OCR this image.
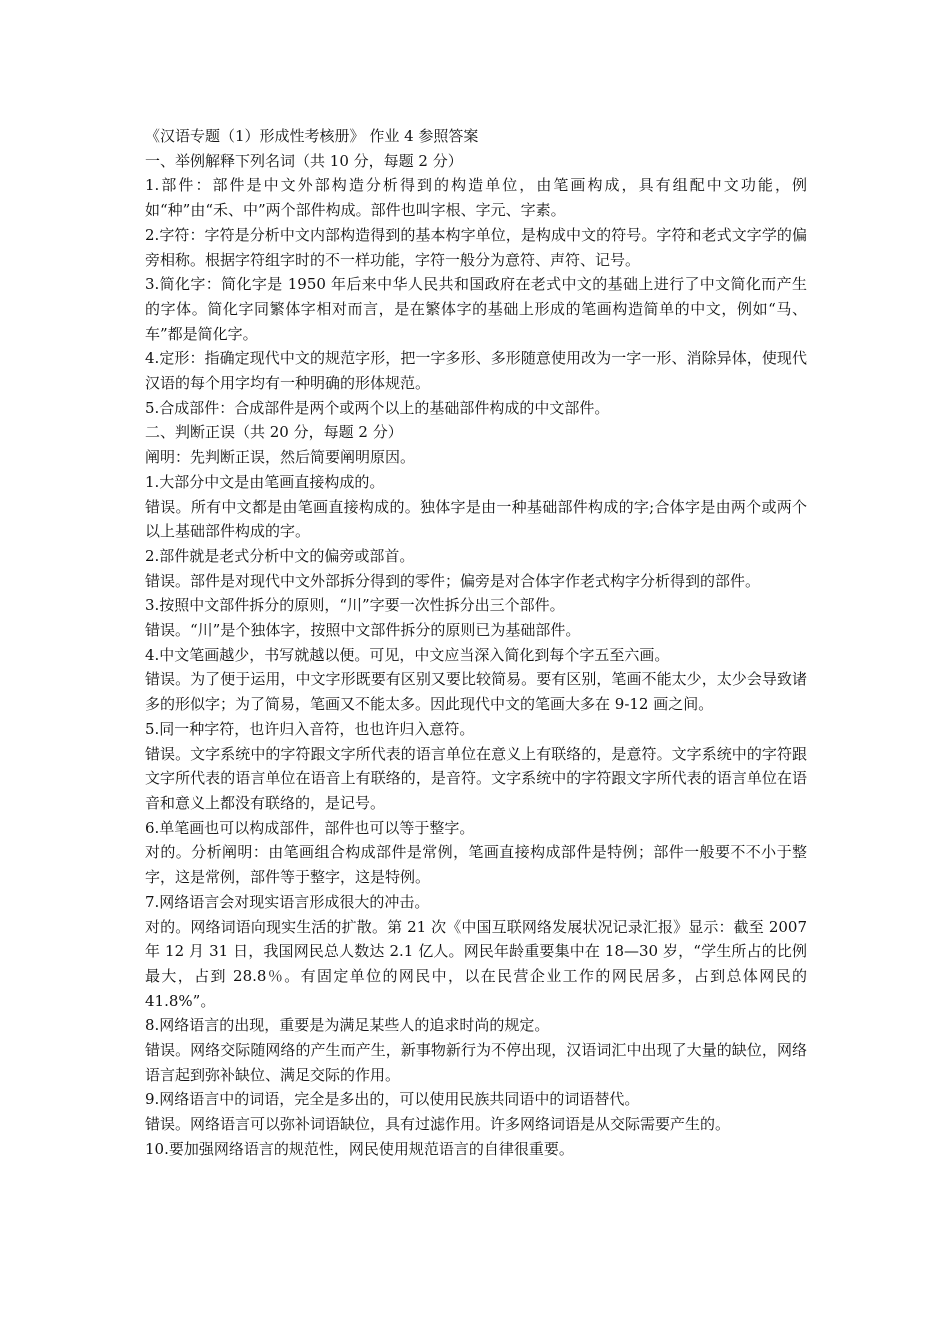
《汉语专题（1）形成性考核册》 作业 4 参照答案

一、举例解释下列名词（共 10 分，每题 2 分）

1.部件：部件是中文外部构造分析得到的构造单位，由笔画构成，具有组配中文功能，例如“种”由“禾、中”两个部件构成。部件也叫字根、字元、字素。

2.字符：字符是分析中文内部构造得到的基本构字单位，是构成中文的符号。字符和老式文字学的偏旁相称。根据字符组字时的不一样功能，字符一般分为意符、声符、记号。

3.简化字：简化字是 1950 年后来中华人民共和国政府在老式中文的基础上进行了中文简化而产生的字体。简化字同繁体字相对而言，是在繁体字的基础上形成的笔画构造简单的中文，例如“马、车”都是简化字。

4.定形：指确定现代中文的规范字形，把一字多形、多形随意使用改为一字一形、消除异体，使现代汉语的每个用字均有一种明确的形体规范。

5.合成部件：合成部件是两个或两个以上的基础部件构成的中文部件。

二、判断正误（共 20 分，每题 2 分）

阐明：先判断正误，然后简要阐明原因。

1.大部分中文是由笔画直接构成的。

错误。所有中文都是由笔画直接构成的。独体字是由一种基础部件构成的字;合体字是由两个或两个以上基础部件构成的字。

2.部件就是老式分析中文的偏旁或部首。

错误。部件是对现代中文外部拆分得到的零件；偏旁是对合体字作老式构字分析得到的部件。

3.按照中文部件拆分的原则，“川”字要一次性拆分出三个部件。

错误。“川”是个独体字，按照中文部件拆分的原则已为基础部件。

4.中文笔画越少，书写就越以便。可见，中文应当深入简化到每个字五至六画。

错误。为了便于运用，中文字形既要有区别又要比较简易。要有区别，笔画不能太少，太少会导致诸多的形似字；为了简易，笔画又不能太多。因此现代中文的笔画大多在 9-12 画之间。

5.同一种字符，也许归入音符，也也许归入意符。

错误。文字系统中的字符跟文字所代表的语言单位在意义上有联络的，是意符。文字系统中的字符跟文字所代表的语言单位在语音上有联络的，是音符。文字系统中的字符跟文字所代表的语言单位在语音和意义上都没有联络的，是记号。

6.单笔画也可以构成部件，部件也可以等于整字。

对的。分析阐明：由笔画组合构成部件是常例，笔画直接构成部件是特例；部件一般要不不小于整字，这是常例，部件等于整字，这是特例。

7.网络语言会对现实语言形成很大的冲击。

对的。网络词语向现实生活的扩散。第 21 次《中国互联网络发展状况记录汇报》显示：截至 2007 年 12 月 31 日，我国网民总人数达 2.1 亿人。网民年龄重要集中在 18—30 岁，“学生所占的比例最大，占到 28.8％。有固定单位的网民中，以在民营企业工作的网民居多，占到总体网民的 41.8%”。

8.网络语言的出现，重要是为满足某些人的追求时尚的规定。

错误。网络交际随网络的产生而产生，新事物新行为不停出现，汉语词汇中出现了大量的缺位，网络语言起到弥补缺位、满足交际的作用。

9.网络语言中的词语，完全是多出的，可以使用民族共同语中的词语替代。

错误。网络语言可以弥补词语缺位，具有过滤作用。许多网络词语是从交际需要产生的。

10.要加强网络语言的规范性，网民使用规范语言的自律很重要。
